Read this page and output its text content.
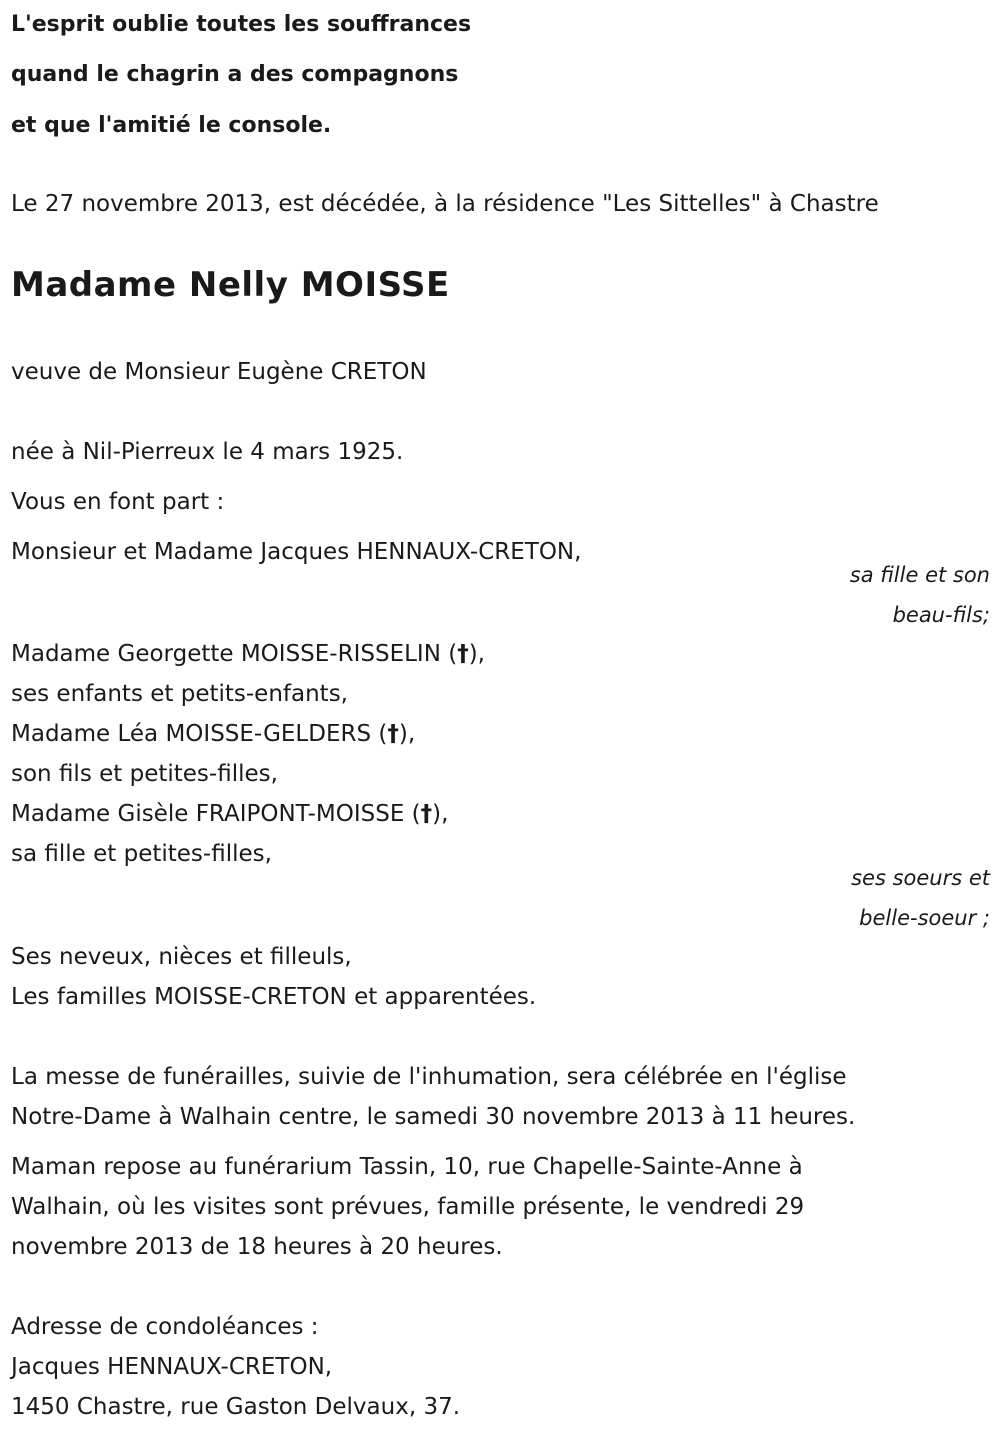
L'esprit oublie toutes les souffrances
quand le chagrin a des compagnons
et que l'amitié le console.
Le 27 novembre 2013, est décédée, à la résidence "Les Sittelles" à Chastre
Madame Nelly MOISSE
veuve de Monsieur Eugène CRETON
née à Nil-Pierreux le 4 mars 1925.
Vous en font part :
Monsieur et Madame Jacques HENNAUX-CRETON,
sa fille et son
beau-fils;
Madame Georgette MOISSE-RISSELIN (†),
ses enfants et petits-enfants,
Madame Léa MOISSE-GELDERS (†),
son fils et petites-filles,
Madame Gisèle FRAIPONT-MOISSE (†),
sa fille et petites-filles,
ses soeurs et
belle-soeur ;
Ses neveux, nièces et filleuls,
Les familles MOISSE-CRETON et apparentées.
La messe de funérailles, suivie de l'inhumation, sera célébrée en l'église
Notre-Dame à Walhain centre, le samedi 30 novembre 2013 à 11 heures.
Maman repose au funérarium Tassin, 10, rue Chapelle-Sainte-Anne à
Walhain, où les visites sont prévues, famille présente, le vendredi 29
novembre 2013 de 18 heures à 20 heures.
Adresse de condoléances :
Jacques HENNAUX-CRETON,
1450 Chastre, rue Gaston Delvaux, 37.
